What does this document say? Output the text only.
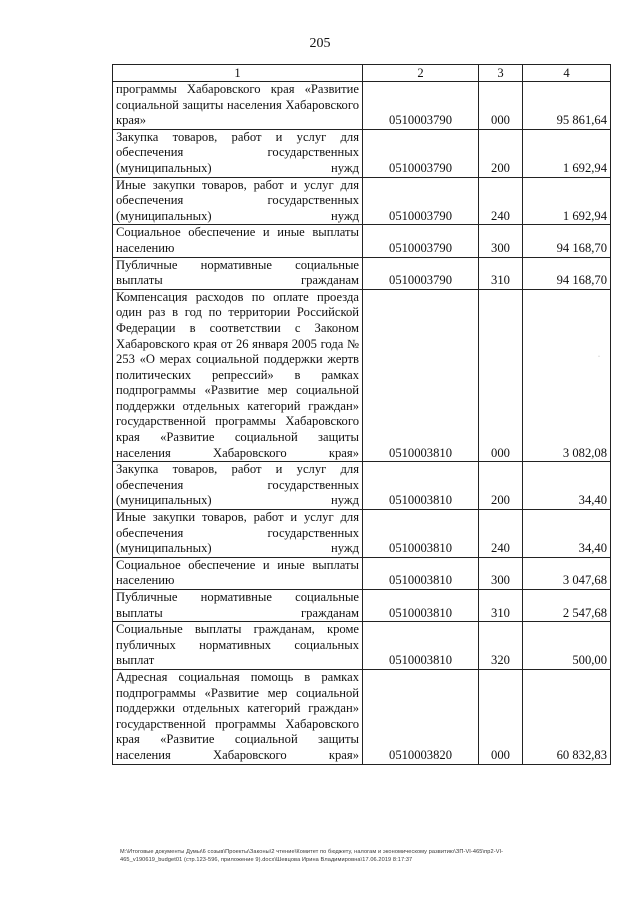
205
1	2	3	4
программы Хабаровского края «Развитие социальной защиты населения Хабаровского края»	0510003790	000	95 861,64
Закупка товаров, работ и услуг для обеспечения государственных (муниципальных) нужд	0510003790	200	1 692,94
Иные закупки товаров, работ и услуг для обеспечения государственных (муниципальных) нужд	0510003790	240	1 692,94
Социальное обеспечение и иные выплаты населению	0510003790	300	94 168,70
Публичные нормативные социальные выплаты гражданам	0510003790	310	94 168,70
Компенсация расходов по оплате проезда один раз в год по территории Российской Федерации в соответствии с Законом Хабаровского края от 26 января 2005 года № 253 «О мерах социальной поддержки жертв политических репрессий» в рамках подпрограммы «Развитие мер социальной поддержки отдельных категорий граждан» государственной программы Хабаровского края «Развитие социальной защиты населения Хабаровского края»	0510003810	000	3 082,08
Закупка товаров, работ и услуг для обеспечения государственных (муниципальных) нужд	0510003810	200	34,40
Иные закупки товаров, работ и услуг для обеспечения государственных (муниципальных) нужд	0510003810	240	34,40
Социальное обеспечение и иные выплаты населению	0510003810	300	3 047,68
Публичные нормативные социальные выплаты гражданам	0510003810	310	2 547,68
Социальные выплаты гражданам, кроме публичных нормативных социальных выплат	0510003810	320	500,00
Адресная социальная помощь в рамках подпрограммы «Развитие мер социальной поддержки отдельных категорий граждан» государственной программы Хабаровского края «Развитие социальной защиты населения Хабаровского края»	0510003820	000	60 832,83
·
M:\Итоговые документы Думы\6 созыв\Проекты\Законы\2 чтение\Комитет по бюджету, налогам и экономическому развитию\ЗП-VI-465\пр2-VI-
465_v190619_budget01 (стр.123-596, приложение 9).docx\Шевцова Ирина Владимировна\17.06.2019 8:17:37
